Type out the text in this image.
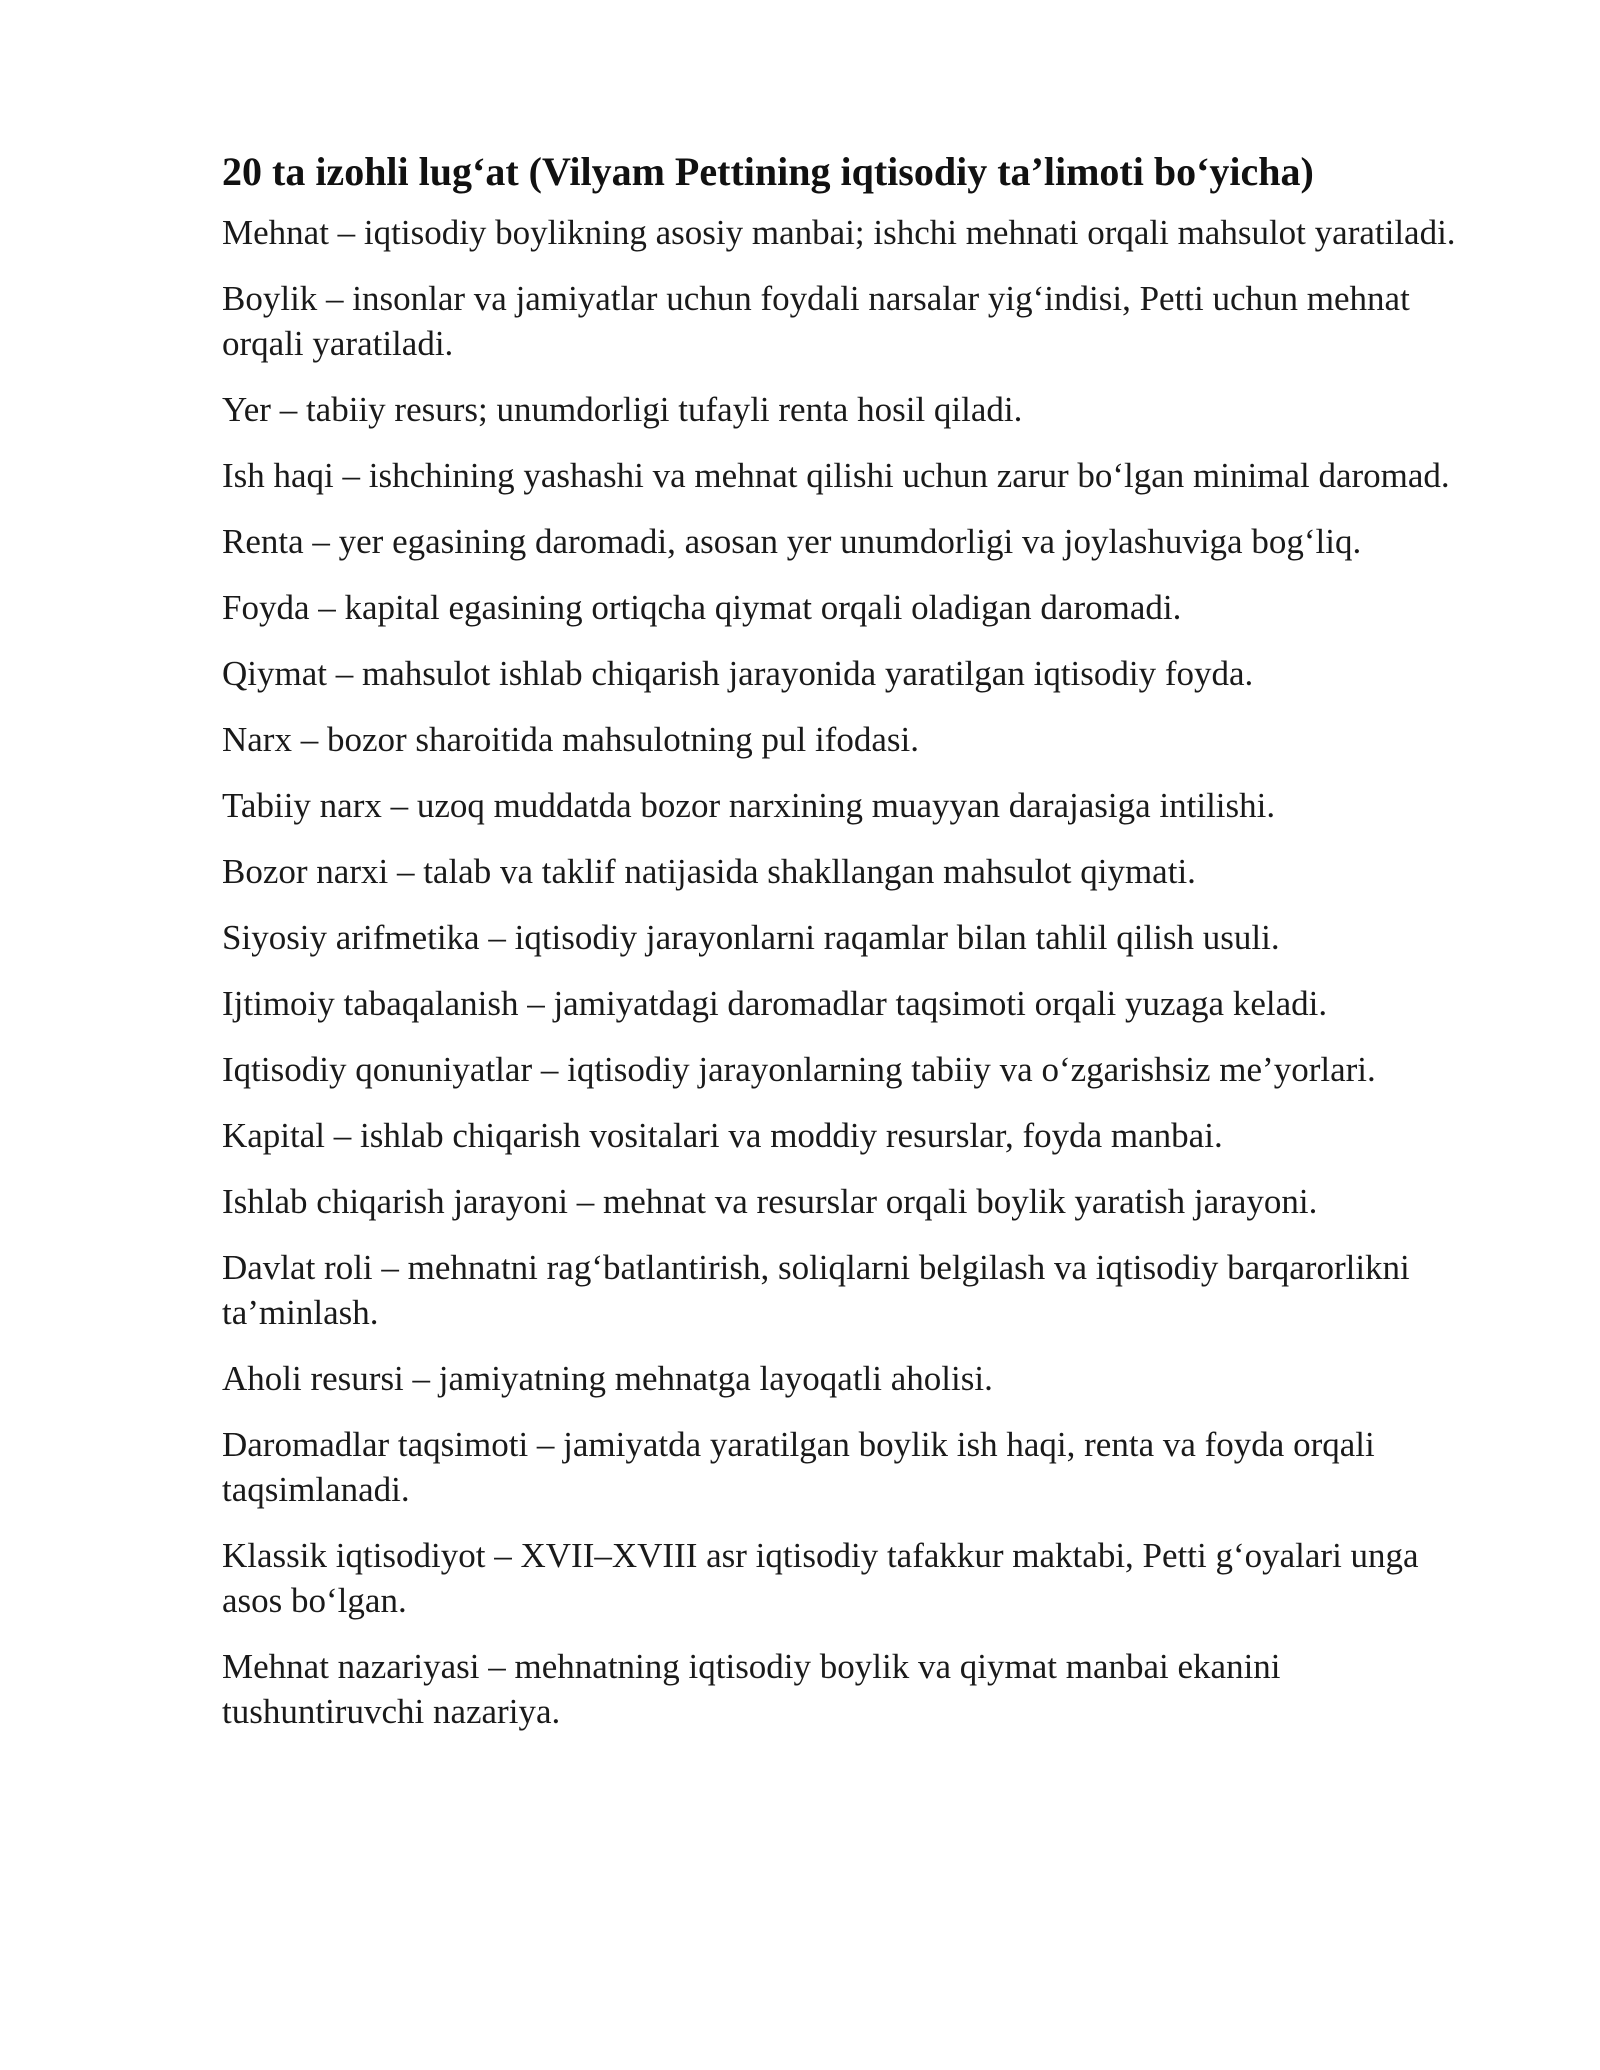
20 ta izohli lug‘at (Vilyam Pettining iqtisodiy ta’limoti bo‘yicha)
Mehnat – iqtisodiy boylikning asosiy manbai; ishchi mehnati orqali mahsulot yaratiladi.
Boylik – insonlar va jamiyatlar uchun foydali narsalar yig‘indisi, Petti uchun mehnat orqali yaratiladi.
Yer – tabiiy resurs; unumdorligi tufayli renta hosil qiladi.
Ish haqi – ishchining yashashi va mehnat qilishi uchun zarur bo‘lgan minimal daromad.
Renta – yer egasining daromadi, asosan yer unumdorligi va joylashuviga bog‘liq.
Foyda – kapital egasining ortiqcha qiymat orqali oladigan daromadi.
Qiymat – mahsulot ishlab chiqarish jarayonida yaratilgan iqtisodiy foyda.
Narx – bozor sharoitida mahsulotning pul ifodasi.
Tabiiy narx – uzoq muddatda bozor narxining muayyan darajasiga intilishi.
Bozor narxi – talab va taklif natijasida shakllangan mahsulot qiymati.
Siyosiy arifmetika – iqtisodiy jarayonlarni raqamlar bilan tahlil qilish usuli.
Ijtimoiy tabaqalanish – jamiyatdagi daromadlar taqsimoti orqali yuzaga keladi.
Iqtisodiy qonuniyatlar – iqtisodiy jarayonlarning tabiiy va o‘zgarishsiz me’yorlari.
Kapital – ishlab chiqarish vositalari va moddiy resurslar, foyda manbai.
Ishlab chiqarish jarayoni – mehnat va resurslar orqali boylik yaratish jarayoni.
Davlat roli – mehnatni rag‘batlantirish, soliqlarni belgilash va iqtisodiy barqarorlikni ta’minlash.
Aholi resursi – jamiyatning mehnatga layoqatli aholisi.
Daromadlar taqsimoti – jamiyatda yaratilgan boylik ish haqi, renta va foyda orqali taqsimlanadi.
Klassik iqtisodiyot – XVII–XVIII asr iqtisodiy tafakkur maktabi, Petti g‘oyalari unga asos bo‘lgan.
Mehnat nazariyasi – mehnatning iqtisodiy boylik va qiymat manbai ekanini tushuntiruvchi nazariya.
